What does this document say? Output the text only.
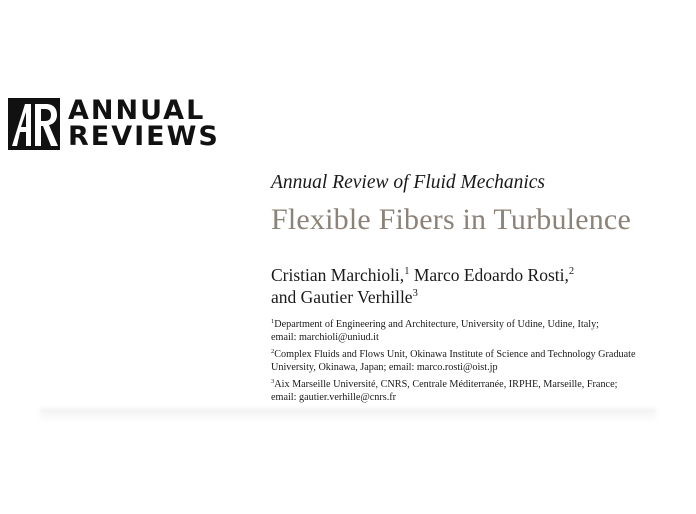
ANNUAL
REVIEWS
Annual Review of Fluid Mechanics
Flexible Fibers in Turbulence
Cristian Marchioli,$^1$ Marco Edoardo Rosti,$^2$
and Gautier Verhille$^3$
$^1$Department of Engineering and Architecture, University of Udine, Udine, Italy;
email: marchioli@uniud.it
$^2$Complex Fluids and Flows Unit, Okinawa Institute of Science and Technology Graduate
University, Okinawa, Japan; email: marco.rosti@oist.jp
$^3$Aix Marseille Université, CNRS, Centrale Méditerranée, IRPHE, Marseille, France;
email: gautier.verhille@cnrs.fr
